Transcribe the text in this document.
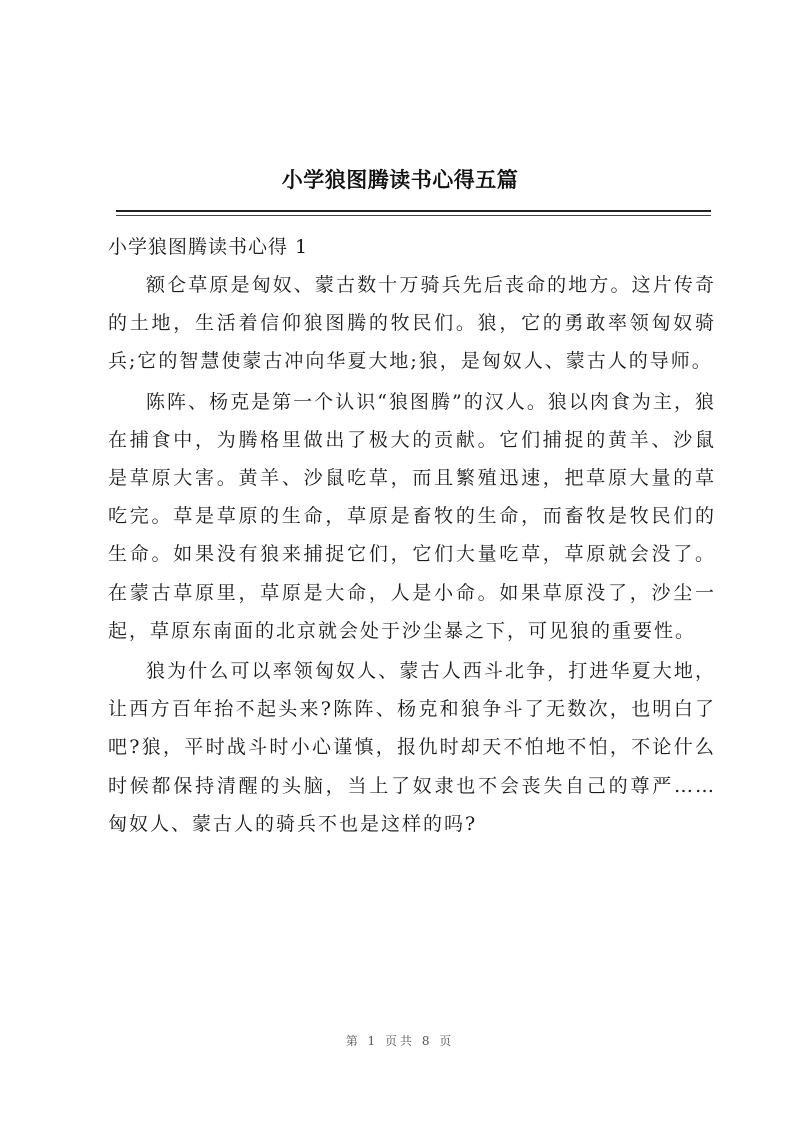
小学狼图腾读书心得五篇

小学狼图腾读书心得 1

额仑草原是匈奴、蒙古数十万骑兵先后丧命的地方。这片传奇的土地，生活着信仰狼图腾的牧民们。狼，它的勇敢率领匈奴骑兵;它的智慧使蒙古冲向华夏大地;狼，是匈奴人、蒙古人的导师。

陈阵、杨克是第一个认识“狼图腾”的汉人。狼以肉食为主，狼在捕食中，为腾格里做出了极大的贡献。它们捕捉的黄羊、沙鼠是草原大害。黄羊、沙鼠吃草，而且繁殖迅速，把草原大量的草吃完。草是草原的生命，草原是畜牧的生命，而畜牧是牧民们的生命。如果没有狼来捕捉它们，它们大量吃草，草原就会没了。在蒙古草原里，草原是大命，人是小命。如果草原没了，沙尘一起，草原东南面的北京就会处于沙尘暴之下，可见狼的重要性。

狼为什么可以率领匈奴人、蒙古人西斗北争，打进华夏大地，让西方百年抬不起头来?陈阵、杨克和狼争斗了无数次，也明白了吧?狼，平时战斗时小心谨慎，报仇时却天不怕地不怕，不论什么时候都保持清醒的头脑，当上了奴隶也不会丧失自己的尊严……匈奴人、蒙古人的骑兵不也是这样的吗?

第 1 页共 8 页
